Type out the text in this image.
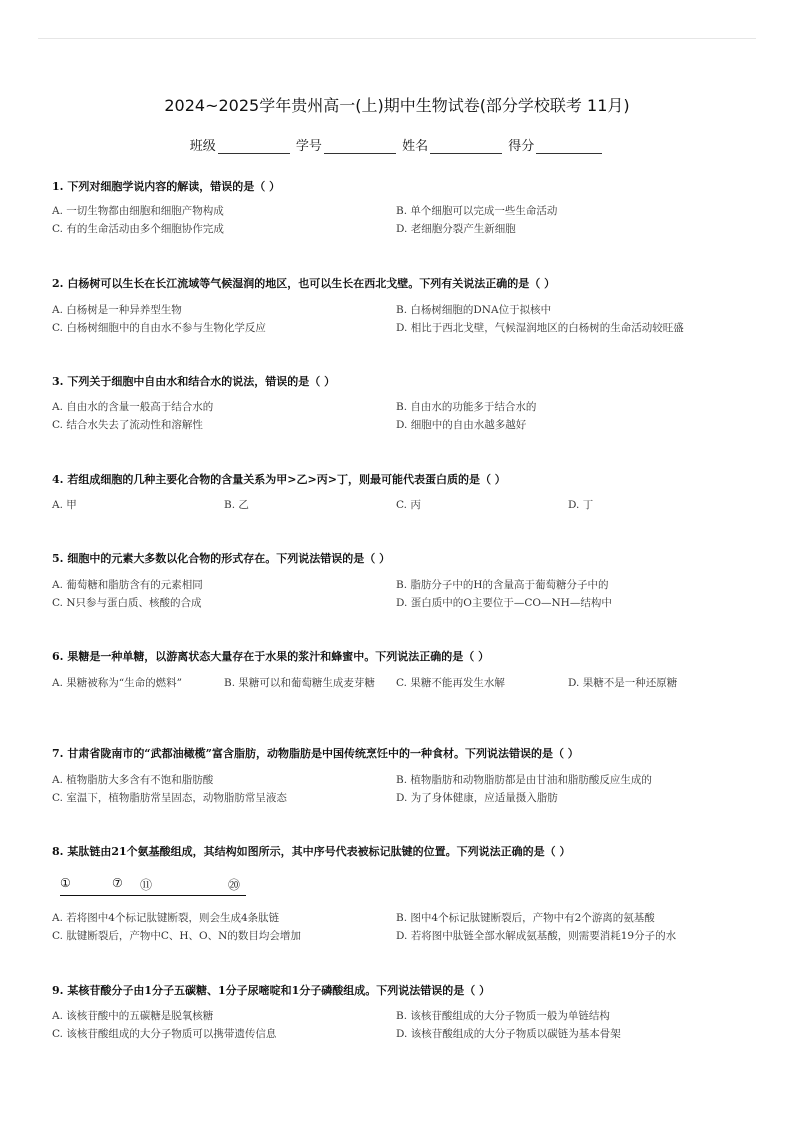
2024~2025学年贵州高一(上)期中生物试卷(部分学校联考 11月)
班级	学号	姓名	得分
1. 下列对细胞学说内容的解读，错误的是（ ）
A. 一切生物都由细胞和细胞产物构成	B. 单个细胞可以完成一些生命活动
C. 有的生命活动由多个细胞协作完成	D. 老细胞分裂产生新细胞
2. 白杨树可以生长在长江流域等气候湿润的地区，也可以生长在西北戈壁。下列有关说法正确的是（ ）
A. 白杨树是一种异养型生物	B. 白杨树细胞的DNA位于拟核中
C. 白杨树细胞中的自由水不参与生物化学反应	D. 相比于西北戈壁，气候湿润地区的白杨树的生命活动较旺盛
3. 下列关于细胞中自由水和结合水的说法，错误的是（ ）
A. 自由水的含量一般高于结合水的	B. 自由水的功能多于结合水的
C. 结合水失去了流动性和溶解性	D. 细胞中的自由水越多越好
4. 若组成细胞的几种主要化合物的含量关系为甲>乙>丙>丁，则最可能代表蛋白质的是（ ）
A. 甲	B. 乙	C. 丙	D. 丁
5. 细胞中的元素大多数以化合物的形式存在。下列说法错误的是（ ）
A. 葡萄糖和脂肪含有的元素相同	B. 脂肪分子中的H的含量高于葡萄糖分子中的
C. N只参与蛋白质、核酸的合成	D. 蛋白质中的O主要位于—CO—NH—结构中
6. 果糖是一种单糖，以游离状态大量存在于水果的浆汁和蜂蜜中。下列说法正确的是（ ）
A. 果糖被称为“生命的燃料”	B. 果糖可以和葡萄糖生成麦芽糖	C. 果糖不能再发生水解	D. 果糖不是一种还原糖
7. 甘肃省陇南市的“武都油橄榄”富含脂肪，动物脂肪是中国传统烹饪中的一种食材。下列说法错误的是（ ）
A. 植物脂肪大多含有不饱和脂肪酸	B. 植物脂肪和动物脂肪都是由甘油和脂肪酸反应生成的
C. 室温下，植物脂肪常呈固态，动物脂肪常呈液态	D. 为了身体健康，应适量摄入脂肪
8. 某肽链由21个氨基酸组成，其结构如图所示，其中序号代表被标记肽键的位置。下列说法正确的是（ ）
①	⑦ ⑪	⑳
A. 若将图中4个标记肽键断裂，则会生成4条肽链	B. 图中4个标记肽键断裂后，产物中有2个游离的氨基酸
C. 肽键断裂后，产物中C、H、O、N的数目均会增加	D. 若将图中肽链全部水解成氨基酸，则需要消耗19分子的水
9. 某核苷酸分子由1分子五碳糖、1分子尿嘧啶和1分子磷酸组成。下列说法错误的是（ ）
A. 该核苷酸中的五碳糖是脱氧核糖	B. 该核苷酸组成的大分子物质一般为单链结构
C. 该核苷酸组成的大分子物质可以携带遗传信息	D. 该核苷酸组成的大分子物质以碳链为基本骨架
